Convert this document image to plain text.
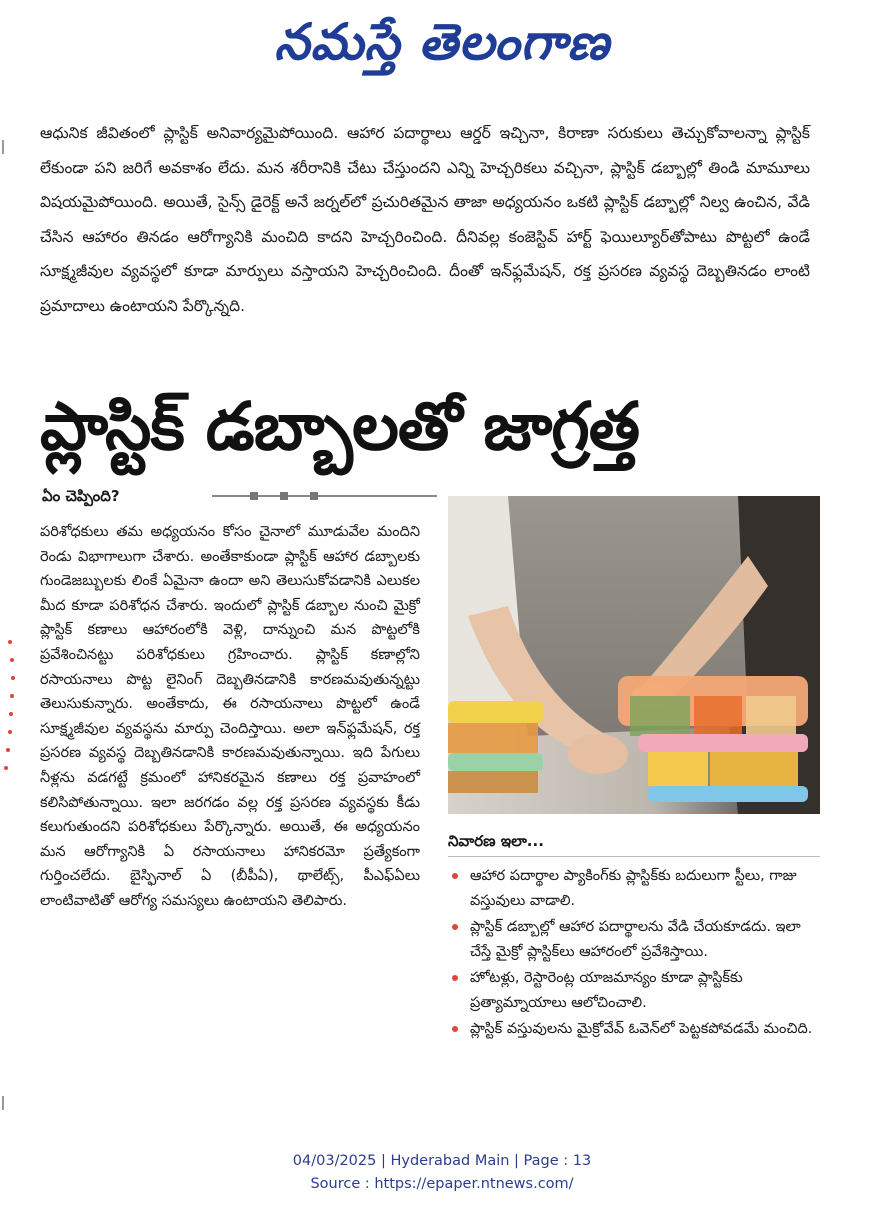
నమస్తే తెలంగాణ

ఆధునిక జీవితంలో ప్లాస్టిక్ అనివార్యమైపోయింది. ఆహార పదార్థాలు ఆర్డర్ ఇచ్చినా, కిరాణా సరుకులు తెచ్చుకోవాలన్నా ప్లాస్టిక్ లేకుండా పని జరిగే అవకాశం లేదు. మన శరీరానికి చేటు చేస్తుందని ఎన్ని హెచ్చరికలు వచ్చినా, ప్లాస్టిక్ డబ్బాల్లో తిండి మామూలు విషయమైపోయింది. అయితే, సైన్స్ డైరెక్ట్ అనే జర్నల్‌లో ప్రచురితమైన తాజా అధ్యయనం ఒకటి ప్లాస్టిక్ డబ్బాల్లో నిల్వ ఉంచిన, వేడి చేసిన ఆహారం తినడం ఆరోగ్యానికి మంచిది కాదని హెచ్చరించింది. దీనివల్ల కంజెస్టివ్ హార్ట్ ఫెయిల్యూర్‌తోపాటు పొట్టలో ఉండే సూక్ష్మజీవుల వ్యవస్థలో కూడా మార్పులు వస్తాయని హెచ్చరించింది. దీంతో ఇన్‌ఫ్లమేషన్, రక్త ప్రసరణ వ్యవస్థ దెబ్బతినడం లాంటి ప్రమాదాలు ఉంటాయని పేర్కొన్నది.

ప్లాస్టిక్ డబ్బాలతో జాగ్రత్త
ఏం చెప్పింది?

పరిశోధకులు తమ అధ్యయనం కోసం చైనాలో మూడువేల మందిని రెండు విభాగాలుగా చేశారు. అంతేకాకుండా ప్లాస్టిక్ ఆహార డబ్బాలకు గుండెజబ్బులకు లింకే ఏమైనా ఉందా అని తెలుసుకోవడానికి ఎలుకల మీద కూడా పరిశోధన చేశారు. ఇందులో ప్లాస్టిక్ డబ్బాల నుంచి మైక్రో ప్లాస్టిక్ కణాలు ఆహారంలోకి వెళ్లి, దాన్నుంచి మన పొట్టలోకి ప్రవేశించినట్టు పరిశోధకులు గ్రహించారు. ప్లాస్టిక్ కణాల్లోని రసాయనాలు పొట్ట లైనింగ్ దెబ్బతినడానికి కారణమవుతున్నట్టు తెలుసుకున్నారు. అంతేకాదు, ఈ రసాయనాలు పొట్టలో ఉండే సూక్ష్మజీవుల వ్యవస్థను మార్పు చెందిస్తాయి. అలా ఇన్‌ఫ్లమేషన్, రక్త ప్రసరణ వ్యవస్థ దెబ్బతినడానికి కారణమవుతున్నాయి. ఇది పేగులు నీళ్లను వడగట్టే క్రమంలో హానికరమైన కణాలు రక్త ప్రవాహంలో కలిసిపోతున్నాయి. ఇలా జరగడం వల్ల రక్త ప్రసరణ వ్యవస్థకు కీడు కలుగుతుందని పరిశోధకులు పేర్కొన్నారు. అయితే, ఈ అధ్యయనం మన ఆరోగ్యానికి ఏ రసాయనాలు హానికరమో ప్రత్యేకంగా గుర్తించలేదు. బైస్ఫినాల్ ఏ (బీపీఏ), థాలేట్స్, పీఎఫ్ఏలు లాంటివాటితో ఆరోగ్య సమస్యలు ఉంటాయని తెలిపారు.

నివారణ ఇలా...
ఆహార పదార్థాల ప్యాకింగ్‌కు ప్లాస్టిక్‌కు బదులుగా స్టీలు, గాజు వస్తువులు వాడాలి.
ప్లాస్టిక్ డబ్బాల్లో ఆహార పదార్థాలను వేడి చేయకూడదు. ఇలా చేస్తే మైక్రో ప్లాస్టిక్‌లు ఆహారంలో ప్రవేశిస్తాయి.
హోటళ్లు, రెస్టారెంట్ల యాజమాన్యం కూడా ప్లాస్టిక్‌కు ప్రత్యామ్నాయాలు ఆలోచించాలి.
ప్లాస్టిక్ వస్తువులను మైక్రోవేవ్ ఓవెన్‌లో పెట్టకపోవడమే మంచిది.
04/03/2025 | Hyderabad Main | Page : 13
Source : https://epaper.ntnews.com/
